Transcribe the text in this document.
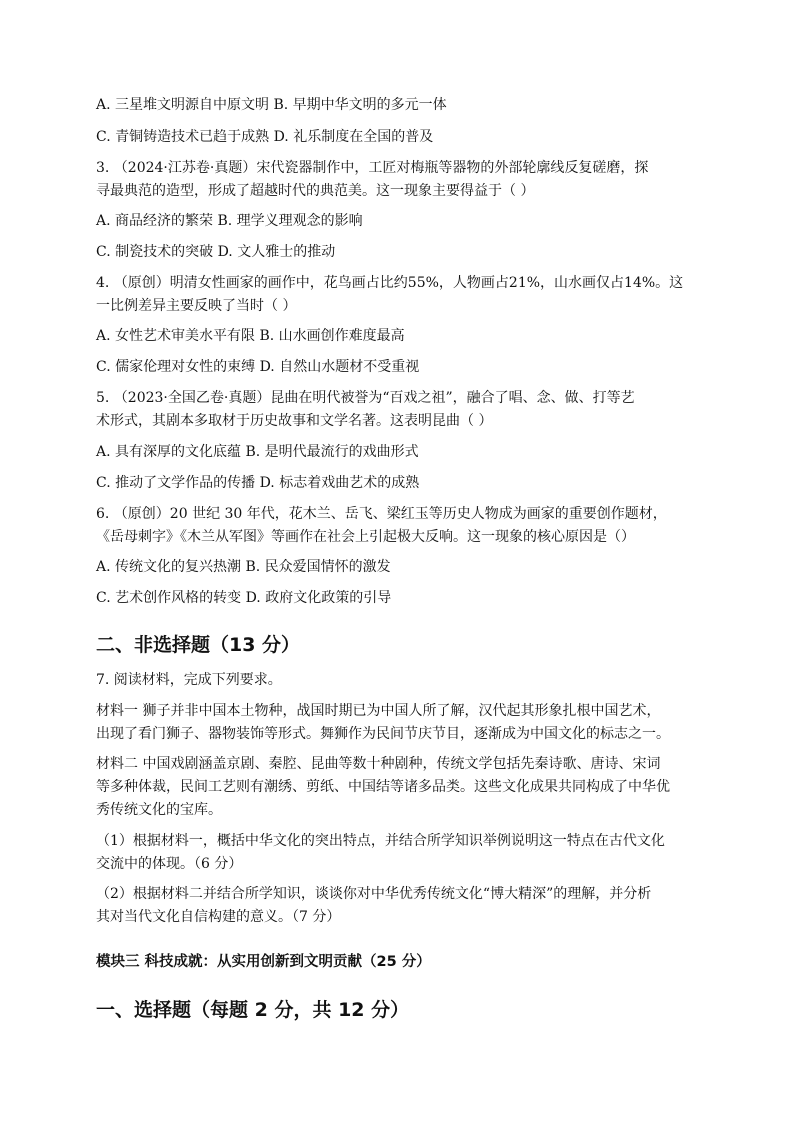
A. 三星堆文明源自中原文明 B. 早期中华文明的多元一体
C. 青铜铸造技术已趋于成熟 D. 礼乐制度在全国的普及
3. （2024·江苏卷·真题）宋代瓷器制作中，工匠对梅瓶等器物的外部轮廓线反复磋磨，探
寻最典范的造型，形成了超越时代的典范美。这一现象主要得益于（ ）
A. 商品经济的繁荣 B. 理学义理观念的影响
C. 制瓷技术的突破 D. 文人雅士的推动
4. （原创）明清女性画家的画作中，花鸟画占比约55%，人物画占21%，山水画仅占14%。这
一比例差异主要反映了当时（ ）
A. 女性艺术审美水平有限 B. 山水画创作难度最高
C. 儒家伦理对女性的束缚 D. 自然山水题材不受重视
5. （2023·全国乙卷·真题）昆曲在明代被誉为“百戏之祖”，融合了唱、念、做、打等艺
术形式，其剧本多取材于历史故事和文学名著。这表明昆曲（ ）
A. 具有深厚的文化底蕴 B. 是明代最流行的戏曲形式
C. 推动了文学作品的传播 D. 标志着戏曲艺术的成熟
6. （原创）20 世纪 30 年代，花木兰、岳飞、梁红玉等历史人物成为画家的重要创作题材，
《岳母刺字》《木兰从军图》等画作在社会上引起极大反响。这一现象的核心原因是（）
A. 传统文化的复兴热潮 B. 民众爱国情怀的激发
C. 艺术创作风格的转变 D. 政府文化政策的引导
二、非选择题（13 分）
7. 阅读材料，完成下列要求。
材料一 狮子并非中国本土物种，战国时期已为中国人所了解，汉代起其形象扎根中国艺术，
出现了看门狮子、器物装饰等形式。舞狮作为民间节庆节目，逐渐成为中国文化的标志之一。
材料二 中国戏剧涵盖京剧、秦腔、昆曲等数十种剧种，传统文学包括先秦诗歌、唐诗、宋词
等多种体裁，民间工艺则有潮绣、剪纸、中国结等诸多品类。这些文化成果共同构成了中华优
秀传统文化的宝库。
（1）根据材料一，概括中华文化的突出特点，并结合所学知识举例说明这一特点在古代文化
交流中的体现。（6 分）
（2）根据材料二并结合所学知识，谈谈你对中华优秀传统文化“博大精深”的理解，并分析
其对当代文化自信构建的意义。（7 分）
模块三 科技成就：从实用创新到文明贡献（25 分）
一、选择题（每题 2 分，共 12 分）
